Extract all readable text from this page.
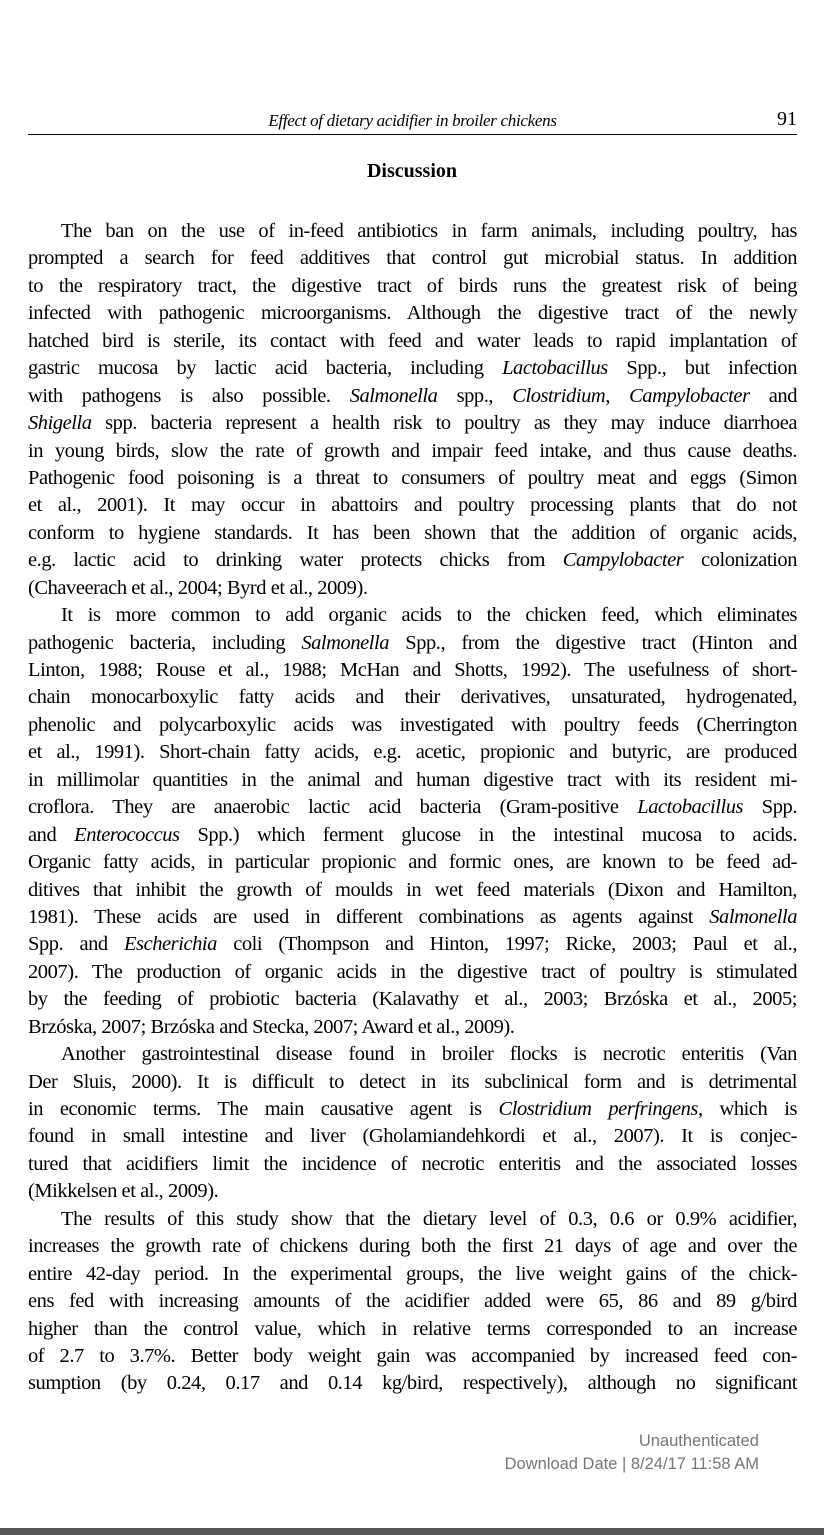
Effect of dietary acidifier in broiler chickens	91
Discussion
The ban on the use of in-feed antibiotics in farm animals, including poultry, has
prompted a search for feed additives that control gut microbial status. In addition
to the respiratory tract, the digestive tract of birds runs the greatest risk of being
infected with pathogenic microorganisms. Although the digestive tract of the newly
hatched bird is sterile, its contact with feed and water leads to rapid implantation of
gastric mucosa by lactic acid bacteria, including Lactobacillus Spp., but infection
with pathogens is also possible. Salmonella spp., Clostridium, Campylobacter and
Shigella spp. bacteria represent a health risk to poultry as they may induce diarrhoea
in young birds, slow the rate of growth and impair feed intake, and thus cause deaths.
Pathogenic food poisoning is a threat to consumers of poultry meat and eggs (Simon
et al., 2001). It may occur in abattoirs and poultry processing plants that do not
conform to hygiene standards. It has been shown that the addition of organic acids,
e.g. lactic acid to drinking water protects chicks from Campylobacter colonization
(Chaveerach et al., 2004; Byrd et al., 2009).
It is more common to add organic acids to the chicken feed, which eliminates
pathogenic bacteria, including Salmonella Spp., from the digestive tract (Hinton and
Linton, 1988; Rouse et al., 1988; McHan and Shotts, 1992). The usefulness of short-
chain monocarboxylic fatty acids and their derivatives, unsaturated, hydrogenated,
phenolic and polycarboxylic acids was investigated with poultry feeds (Cherrington
et al., 1991). Short-chain fatty acids, e.g. acetic, propionic and butyric, are produced
in millimolar quantities in the animal and human digestive tract with its resident mi-
croflora. They are anaerobic lactic acid bacteria (Gram-positive Lactobacillus Spp.
and Enterococcus Spp.) which ferment glucose in the intestinal mucosa to acids.
Organic fatty acids, in particular propionic and formic ones, are known to be feed ad-
ditives that inhibit the growth of moulds in wet feed materials (Dixon and Hamilton,
1981). These acids are used in different combinations as agents against Salmonella
Spp. and Escherichia coli (Thompson and Hinton, 1997; Ricke, 2003; Paul et al.,
2007). The production of organic acids in the digestive tract of poultry is stimulated
by the feeding of probiotic bacteria (Kalavathy et al., 2003; Brzóska et al., 2005;
Brzóska, 2007; Brzóska and Stecka, 2007; Award et al., 2009).
Another gastrointestinal disease found in broiler flocks is necrotic enteritis (Van
Der Sluis, 2000). It is difficult to detect in its subclinical form and is detrimental
in economic terms. The main causative agent is Clostridium perfringens, which is
found in small intestine and liver (Gholamiandehkordi et al., 2007). It is conjec-
tured that acidifiers limit the incidence of necrotic enteritis and the associated losses
(Mikkelsen et al., 2009).
The results of this study show that the dietary level of 0.3, 0.6 or 0.9% acidifier,
increases the growth rate of chickens during both the first 21 days of age and over the
entire 42-day period. In the experimental groups, the live weight gains of the chick-
ens fed with increasing amounts of the acidifier added were 65, 86 and 89 g/bird
higher than the control value, which in relative terms corresponded to an increase
of 2.7 to 3.7%. Better body weight gain was accompanied by increased feed con-
sumption (by 0.24, 0.17 and 0.14 kg/bird, respectively), although no significant
Unauthenticated
Download Date | 8/24/17 11:58 AM
